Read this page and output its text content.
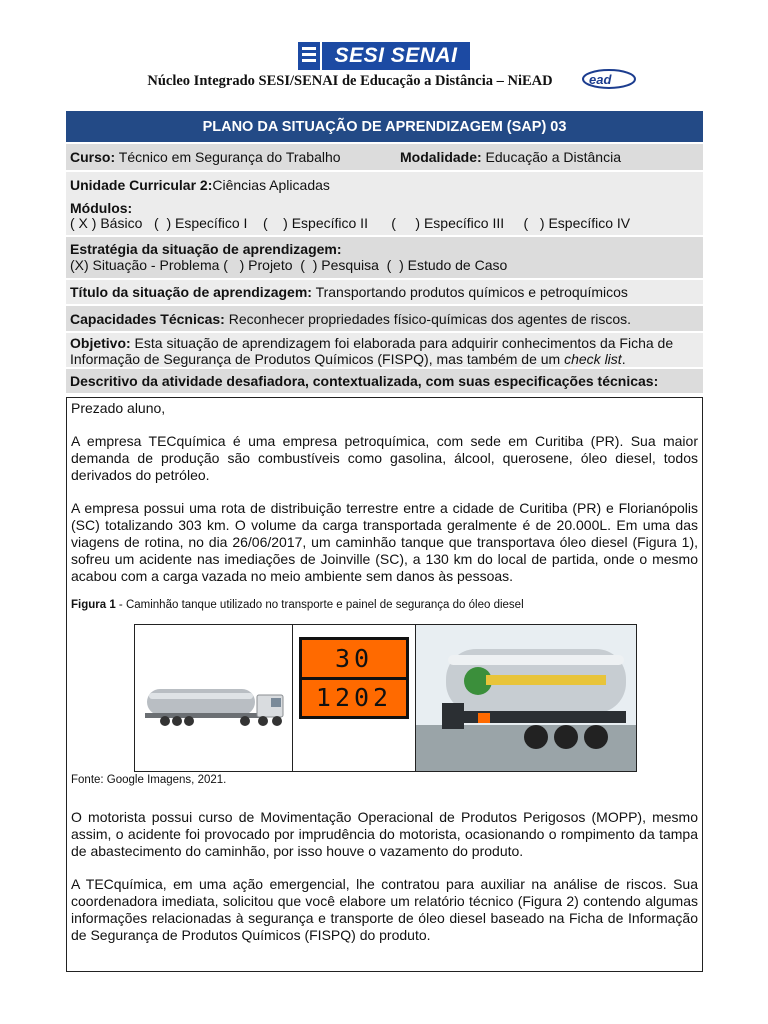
SESI SENAI
Núcleo Integrado SESI/SENAI de Educação a Distância – NiEAD	ead
PLANO DA SITUAÇÃO DE APRENDIZAGEM (SAP) 03
Curso: Técnico em Segurança do Trabalho	Modalidade: Educação a Distância
Unidade Curricular 2: Ciências Aplicadas
Módulos:
( X ) Básico   (  ) Específico I    (    ) Específico II      (     ) Específico III     (   ) Específico IV
Estratégia da situação de aprendizagem:
(X) Situação - Problema (   ) Projeto  (  ) Pesquisa  (  ) Estudo de Caso
Título da situação de aprendizagem: Transportando produtos químicos e petroquímicos
Capacidades Técnicas: Reconhecer propriedades físico-químicas dos agentes de riscos.
Objetivo: Esta situação de aprendizagem foi elaborada para adquirir conhecimentos da Ficha de Informação de Segurança de Produtos Químicos (FISPQ), mas também de um check list.
Descritivo da atividade desafiadora, contextualizada, com suas especificações técnicas:

Prezado aluno,

A empresa TECquímica é uma empresa petroquímica, com sede em Curitiba (PR). Sua maior demanda de produção são combustíveis como gasolina, álcool, querosene, óleo diesel, todos derivados do petróleo.

A empresa possui uma rota de distribuição terrestre entre a cidade de Curitiba (PR) e Florianópolis (SC) totalizando 303 km. O volume da carga transportada geralmente é de 20.000L. Em uma das viagens de rotina, no dia 26/06/2017, um caminhão tanque que transportava óleo diesel (Figura 1), sofreu um acidente nas imediações de Joinville (SC), a 130 km do local de partida, onde o mesmo acabou com a carga vazada no meio ambiente sem danos às pessoas.

Figura 1 - Caminhão tanque utilizado no transporte e painel de segurança do óleo diesel

30
1202

Fonte: Google Imagens, 2021.

O motorista possui curso de Movimentação Operacional de Produtos Perigosos (MOPP), mesmo assim, o acidente foi provocado por imprudência do motorista, ocasionando o rompimento da tampa de abastecimento do caminhão, por isso houve o vazamento do produto.

A TECquímica, em uma ação emergencial, lhe contratou para auxiliar na análise de riscos. Sua coordenadora imediata, solicitou que você elabore um relatório técnico (Figura 2) contendo algumas informações relacionadas à segurança e transporte de óleo diesel baseado na Ficha de Informação de Segurança de Produtos Químicos (FISPQ) do produto.
